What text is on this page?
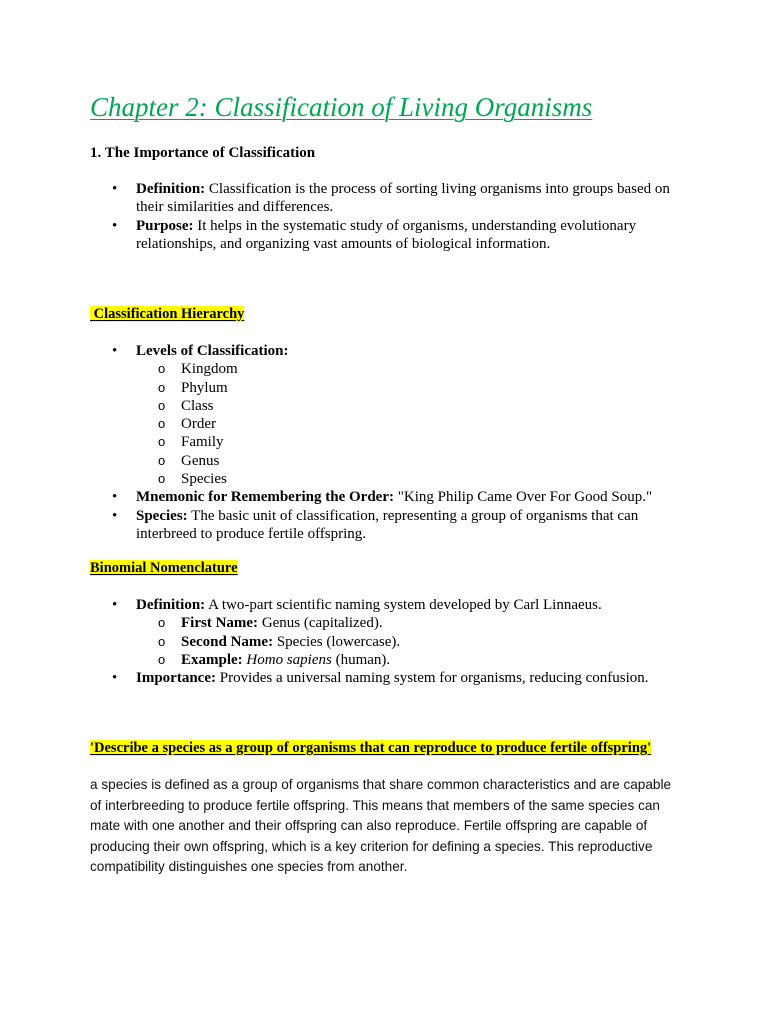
Chapter 2: Classification of Living Organisms
1. The Importance of Classification
• Definition: Classification is the process of sorting living organisms into groups based on their similarities and differences.
• Purpose: It helps in the systematic study of organisms, understanding evolutionary relationships, and organizing vast amounts of biological information.
Classification Hierarchy
• Levels of Classification:
o Kingdom
o Phylum
o Class
o Order
o Family
o Genus
o Species
• Mnemonic for Remembering the Order: "King Philip Came Over For Good Soup."
• Species: The basic unit of classification, representing a group of organisms that can interbreed to produce fertile offspring.
Binomial Nomenclature
• Definition: A two-part scientific naming system developed by Carl Linnaeus.
o First Name: Genus (capitalized).
o Second Name: Species (lowercase).
o Example: Homo sapiens (human).
• Importance: Provides a universal naming system for organisms, reducing confusion.
'Describe a species as a group of organisms that can reproduce to produce fertile offspring'

a species is defined as a group of organisms that share common characteristics and are capable of interbreeding to produce fertile offspring. This means that members of the same species can mate with one another and their offspring can also reproduce. Fertile offspring are capable of producing their own offspring, which is a key criterion for defining a species. This reproductive compatibility distinguishes one species from another.
